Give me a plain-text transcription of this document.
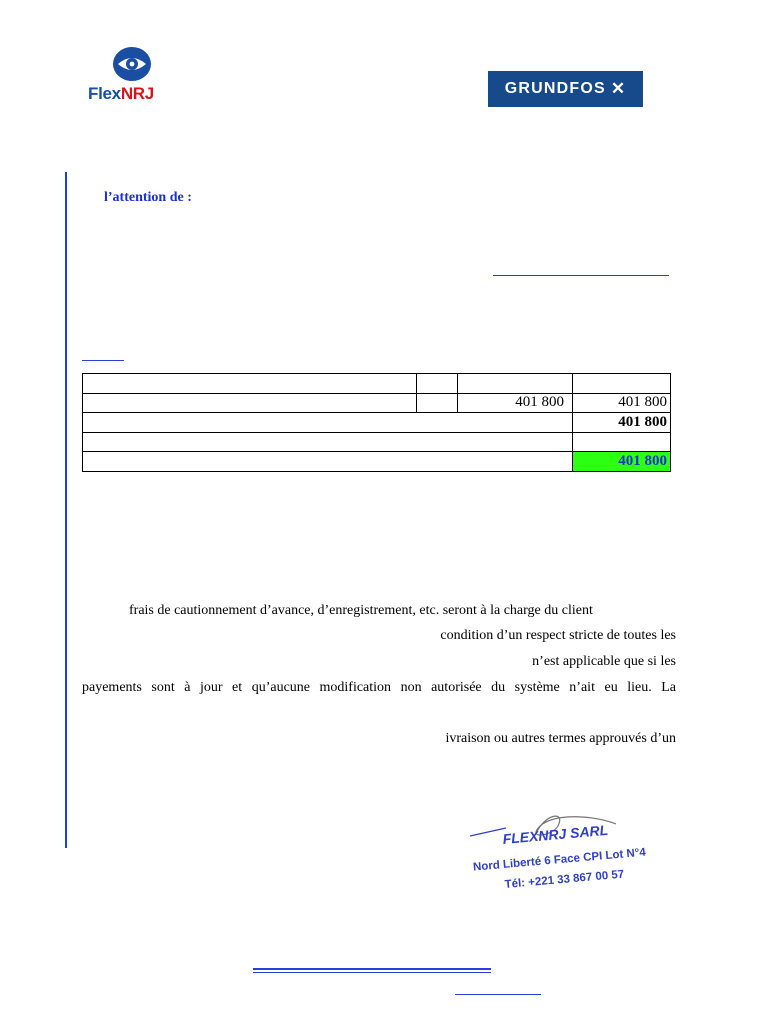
FlexNRJ	GRUNDFOS ✕
l’attention de :

		401 800	401 800
			401 800

			401 800
frais de cautionnement d’avance, d’enregistrement, etc. seront à la charge du client
condition d’un respect stricte de toutes les
n’est applicable que si les
payements sont à jour et qu’aucune modification non autorisée du système n’ait eu lieu. La
ivraison ou autres termes approuvés d’un
FLEXNRJ SARL
Nord Liberté 6 Face CPI Lot N°4
Tél: +221 33 867 00 57
